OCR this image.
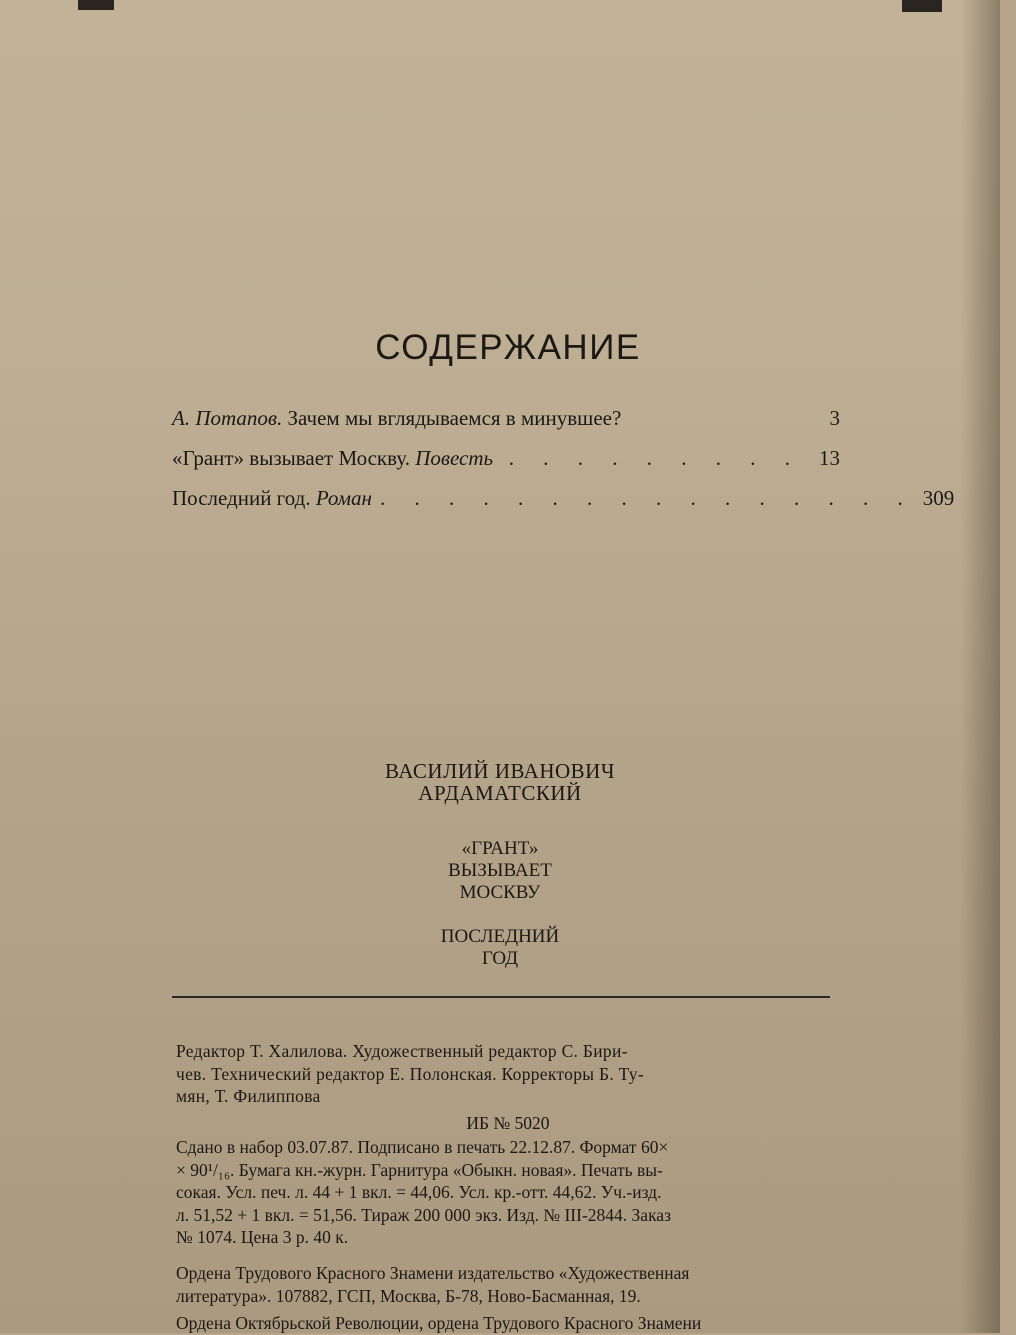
СОДЕРЖАНИЕ
А. Потапов. Зачем мы вглядываемся в минувшее?	3
«Грант» вызывает Москву. Повесть . . . . . . . . . 13
Последний год. Роман . . . . . . . . . . . . . . . . 309
ВАСИЛИЙ ИВАНОВИЧ
АРДАМАТСКИЙ
«ГРАНТ»
ВЫЗЫВАЕТ
МОСКВУ
ПОСЛЕДНИЙ
ГОД
Редактор Т. Халилова. Художественный редактор С. Бири-
чев. Технический редактор Е. Полонская. Корректоры Б. Ту-
мян, Т. Филиппова
ИБ № 5020
Сдано в набор 03.07.87. Подписано в печать 22.12.87. Формат 60×
× 90¹/₁₆. Бумага кн.-журн. Гарнитура «Обыкн. новая». Печать вы-
сокая. Усл. печ. л. 44 + 1 вкл. = 44,06. Усл. кр.-отт. 44,62. Уч.-изд.
л. 51,52 + 1 вкл. = 51,56. Тираж 200 000 экз. Изд. № III-2844. Заказ
№ 1074. Цена 3 р. 40 к.
Ордена Трудового Красного Знамени издательство «Художественная
литература». 107882, ГСП, Москва, Б-78, Ново-Басманная, 19.
Ордена Октябрьской Революции, ордена Трудового Красного Знамени
